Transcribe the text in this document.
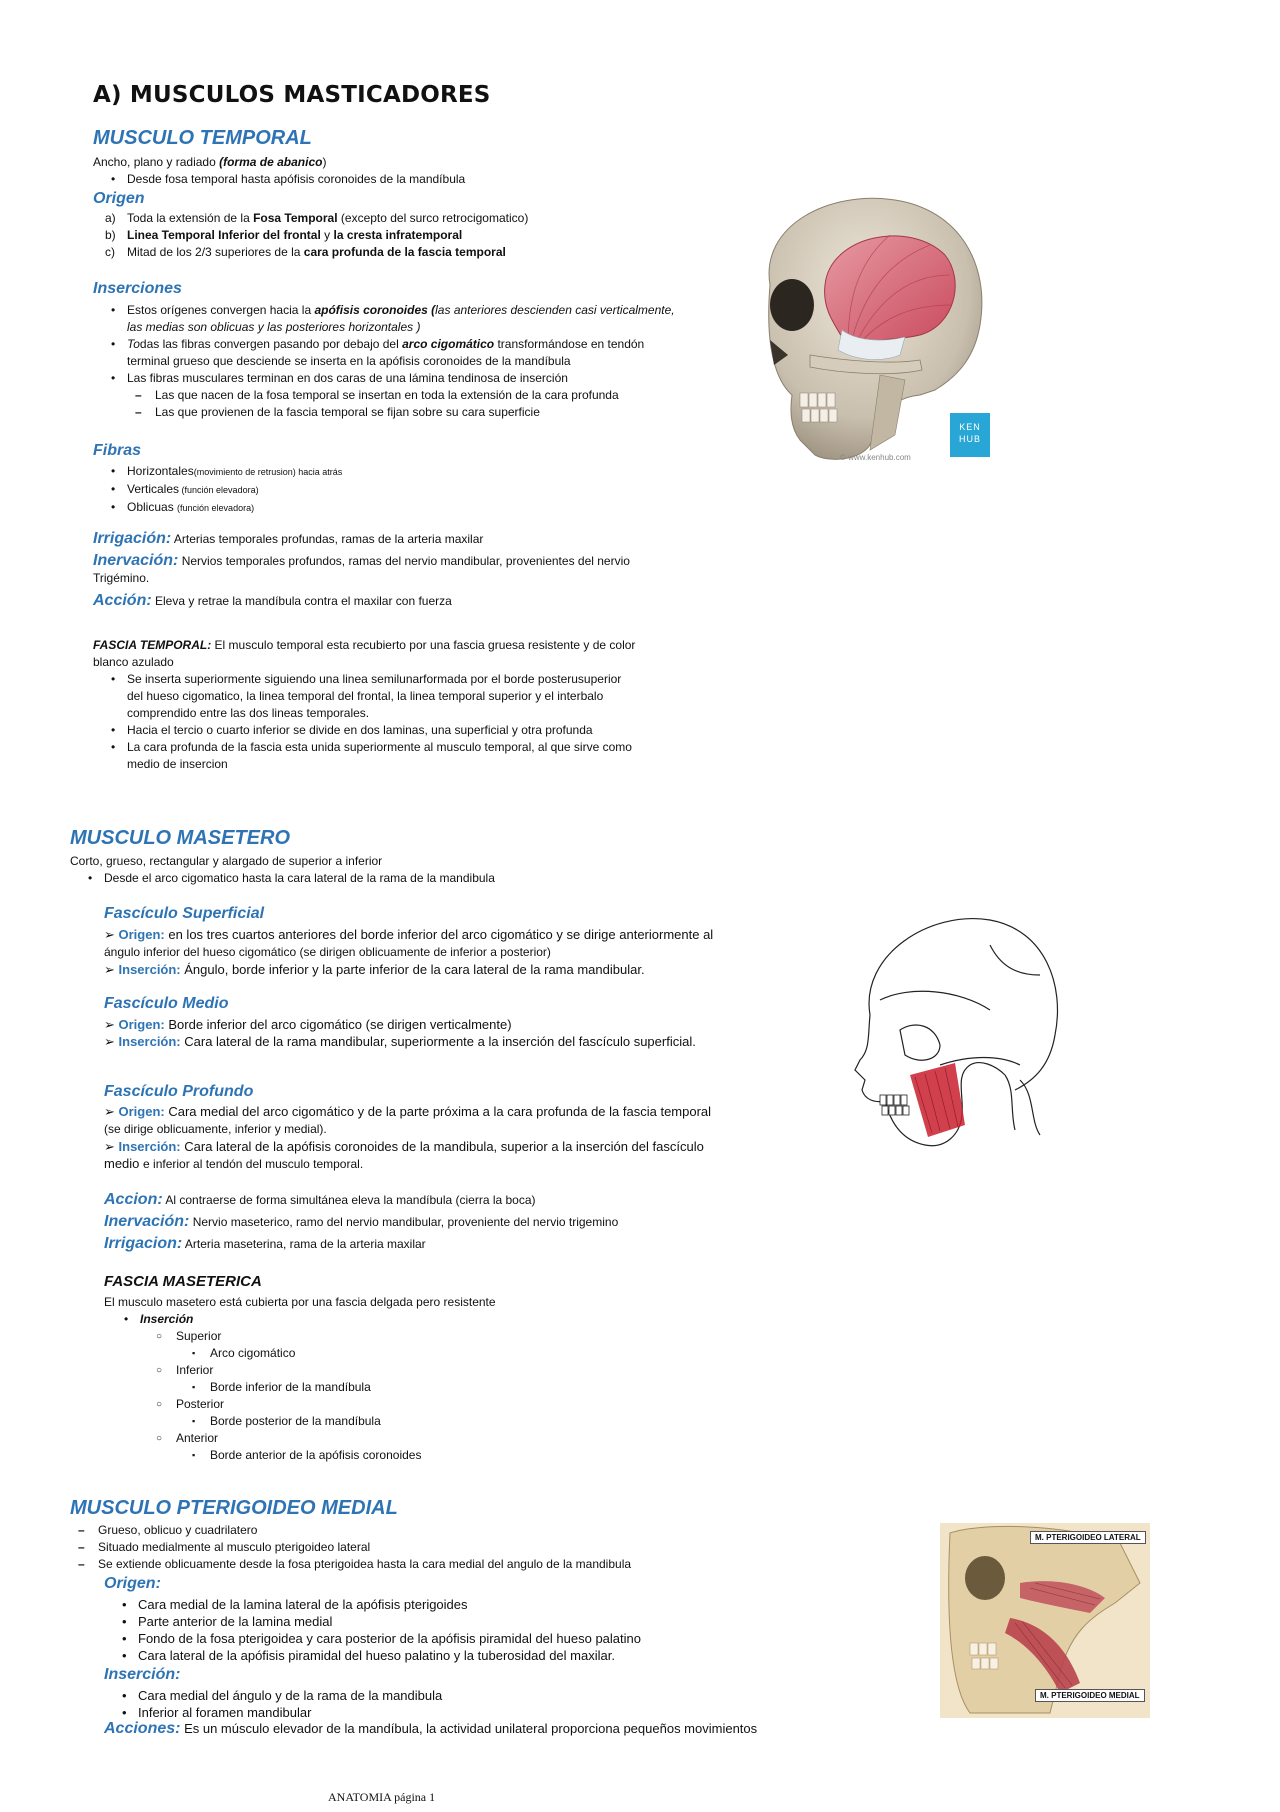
A) MUSCULOS MASTICADORES
MUSCULO TEMPORAL
Ancho, plano y radiado (forma de abanico)
• Desde fosa temporal hasta apófisis coronoides de la mandíbula
Origen
a) Toda la extensión de la Fosa Temporal (excepto del surco retrocigomatico)
b) Linea Temporal Inferior del frontal y la cresta infratemporal
c) Mitad de los 2/3 superiores de la cara profunda de la fascia temporal
Inserciones
• Estos orígenes convergen hacia la apófisis coronoides (las anteriores descienden casi verticalmente, las medias son oblicuas y las posteriores horizontales )
• Todas las fibras convergen pasando por debajo del arco cigomático transformándose en tendón terminal grueso que desciende se inserta en la apófisis coronoides de la mandíbula
• Las fibras musculares terminan en dos caras de una lámina tendinosa de inserción
– Las que nacen de la fosa temporal se insertan en toda la extensión de la cara profunda
– Las que provienen de la fascia temporal se fijan sobre su cara superficie
Fibras
• Horizontales(movimiento de retrusion) hacia atrás
• Verticales (función elevadora)
• Oblicuas (función elevadora)
Irrigación: Arterias temporales profundas, ramas de la arteria maxilar
Inervación: Nervios temporales profundos, ramas del nervio mandibular, provenientes del nervio Trigémino.
Acción: Eleva y retrae la mandíbula contra el maxilar con fuerza
FASCIA TEMPORAL: El musculo temporal esta recubierto por una fascia gruesa resistente y de color blanco azulado
• Se inserta superiormente siguiendo una linea semilunarformada por el borde posterusuperior del hueso cigomatico, la linea temporal del frontal, la linea temporal superior y el interbalo comprendido entre las dos lineas temporales.
• Hacia el tercio o cuarto inferior se divide en dos laminas, una superficial y otra profunda
• La cara profunda de la fascia esta unida superiormente al musculo temporal, al que sirve como medio de insercion
KEN
HUB
© www.kenhub.com
MUSCULO MASETERO
Corto, grueso, rectangular y alargado de superior a inferior
• Desde el arco cigomatico hasta la cara lateral de la rama de la mandibula
Fascículo Superficial
➢ Origen: en los tres cuartos anteriores del borde inferior del arco cigomático y se dirige anteriormente al ángulo inferior del hueso cigomático (se dirigen oblicuamente de inferior a posterior)
➢ Inserción: Ángulo, borde inferior y la parte inferior de la cara lateral de la rama mandibular.
Fascículo Medio
➢ Origen: Borde inferior del arco cigomático (se dirigen verticalmente)
➢ Inserción: Cara lateral de la rama mandibular, superiormente a la inserción del fascículo superficial.
Fascículo Profundo
➢ Origen: Cara medial del arco cigomático y de la parte próxima a la cara profunda de la fascia temporal (se dirige oblicuamente, inferior y medial).
➢ Inserción: Cara lateral de la apófisis coronoides de la mandibula, superior a la inserción del fascículo medio e inferior al tendón del musculo temporal.
Accion: Al contraerse de forma simultánea eleva la mandíbula (cierra la boca)
Inervación: Nervio maseterico, ramo del nervio mandibular, proveniente del nervio trigemino
Irrigacion: Arteria maseterina, rama de la arteria maxilar
FASCIA MASETERICA
El musculo masetero está cubierta por una fascia delgada pero resistente
• Inserción
○ Superior
▪ Arco cigomático
○ Inferior
▪ Borde inferior de la mandíbula
○ Posterior
▪ Borde posterior de la mandíbula
○ Anterior
▪ Borde anterior de la apófisis coronoides
MUSCULO PTERIGOIDEO MEDIAL
– Grueso, oblicuo y cuadrilatero
– Situado medialmente al musculo pterigoideo lateral
– Se extiende oblicuamente desde la fosa pterigoidea hasta la cara medial del angulo de la mandibula
Origen:
• Cara medial de la lamina lateral de la apófisis pterigoides
• Parte anterior de la lamina medial
• Fondo de la fosa pterigoidea y cara posterior de la apófisis piramidal del hueso palatino
• Cara lateral de la apófisis piramidal del hueso palatino y la tuberosidad del maxilar.
Inserción:
• Cara medial del ángulo y de la rama de la mandibula
• Inferior al foramen mandibular
Acciones: Es un músculo elevador de la mandíbula, la actividad unilateral proporciona pequeños movimientos
M. PTERIGOIDEO LATERAL
M. PTERIGOIDEO MEDIAL
ANATOMIA página 1
